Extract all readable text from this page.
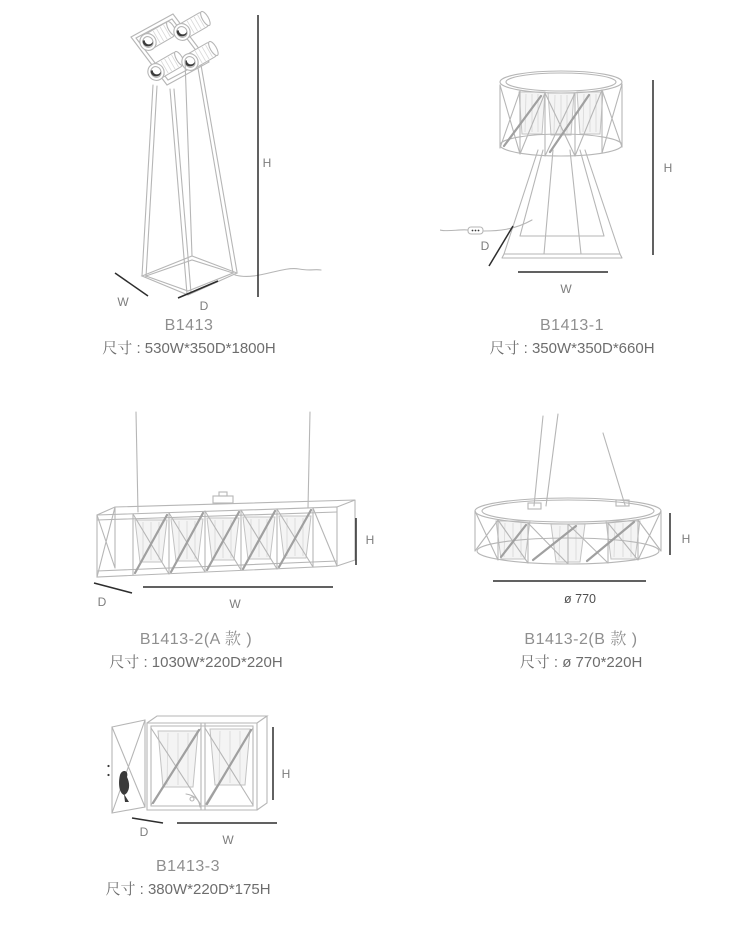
H
W	D
B1413
尺寸 : 530W*350D*1800H
H
W
D
B1413-1
尺寸 : 350W*350D*660H
H
W
D
B1413-2(A 款 )
尺寸 : 1030W*220D*220H
H
ø 770
B1413-2(B 款 )
尺寸 : ø 770*220H
H
W
D
B1413-3
尺寸 : 380W*220D*175H
